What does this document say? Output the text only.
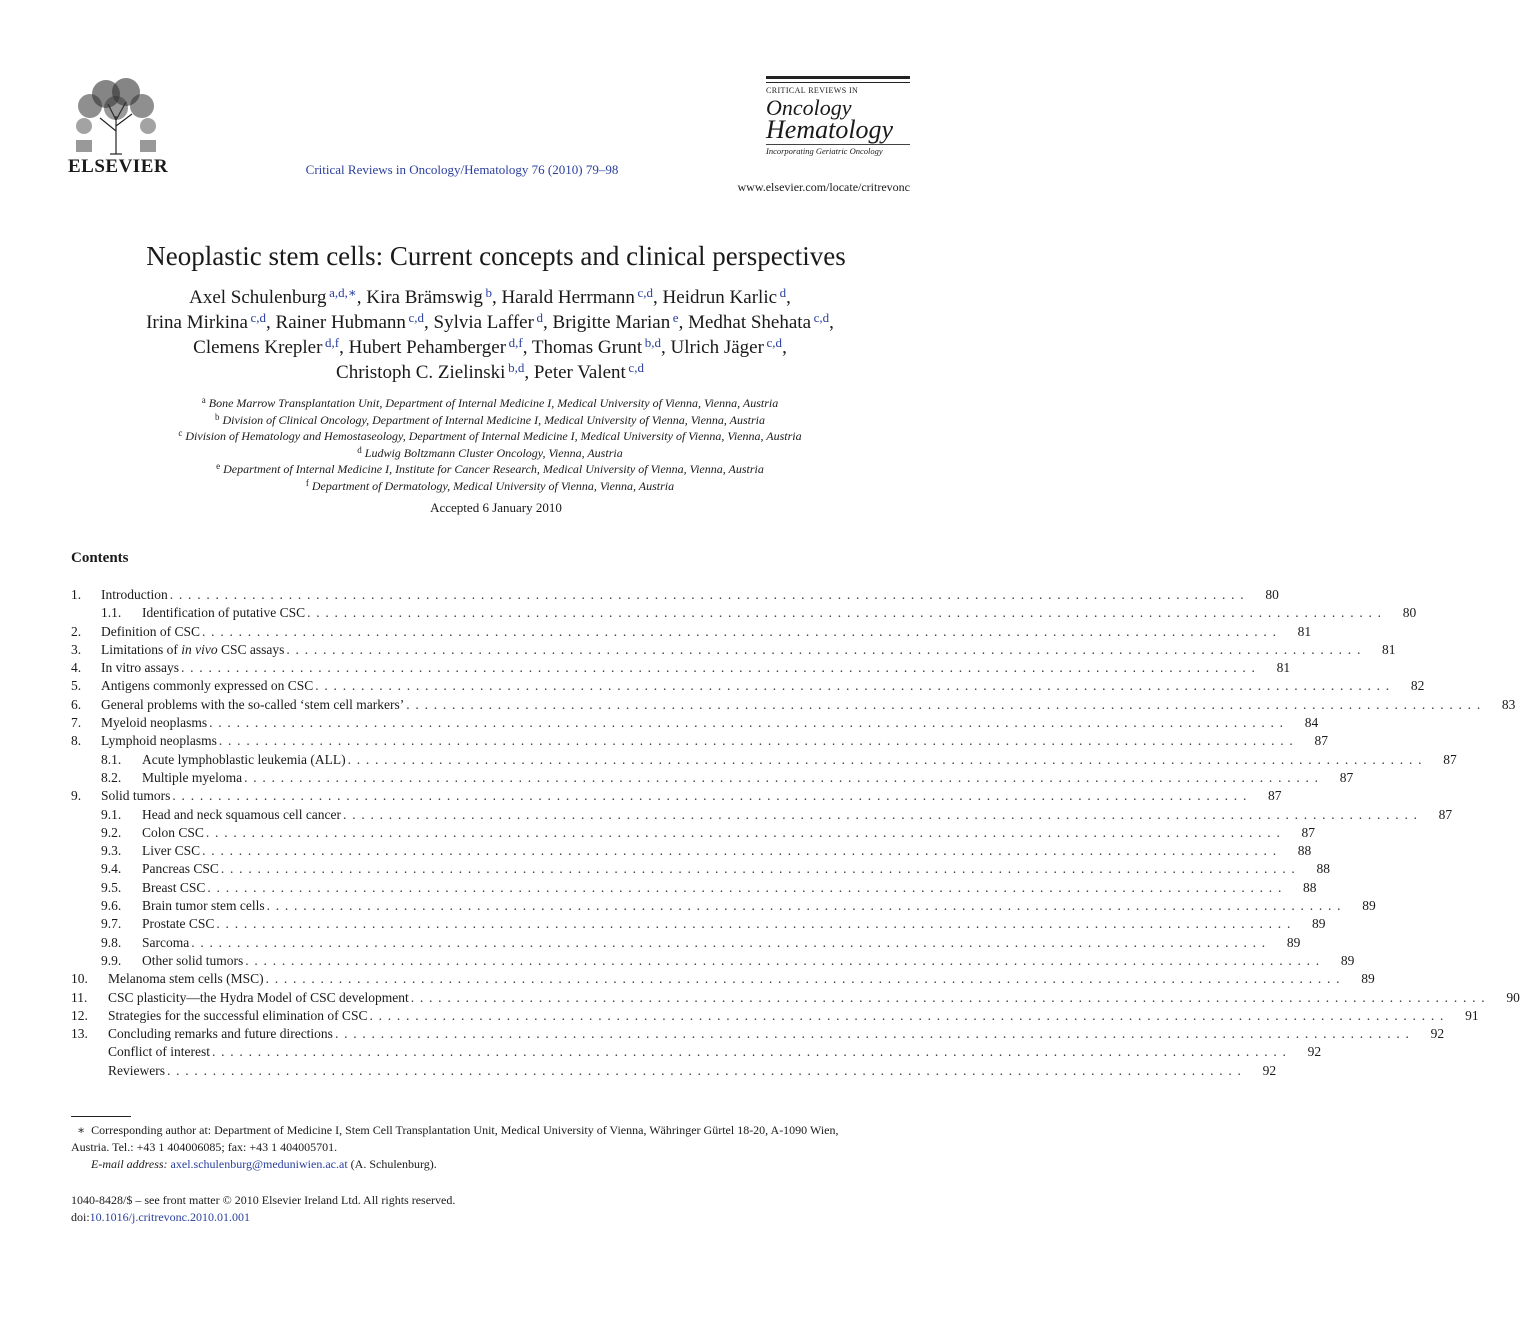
ELSEVIER	Critical Reviews in Oncology/Hematology 76 (2010) 79–98
CRITICAL REVIEWS IN
Oncology
Hematology
Incorporating Geriatric Oncology
www.elsevier.com/locate/critrevonc
Neoplastic stem cells: Current concepts and clinical perspectives
Axel Schulenburg $^{a,d,∗}$, Kira Brämswig $^b$, Harald Herrmann $^{c,d}$, Heidrun Karlic $^d$,
Irina Mirkina $^{c,d}$, Rainer Hubmann $^{c,d}$, Sylvia Laffer $^d$, Brigitte Marian $^e$, Medhat Shehata $^{c,d}$,
Clemens Krepler $^{d,f}$, Hubert Pehamberger $^{d,f}$, Thomas Grunt $^{b,d}$, Ulrich Jäger $^{c,d}$,
Christoph C. Zielinski $^{b,d}$, Peter Valent $^{c,d}$
$^a$ Bone Marrow Transplantation Unit, Department of Internal Medicine I, Medical University of Vienna, Vienna, Austria
$^b$ Division of Clinical Oncology, Department of Internal Medicine I, Medical University of Vienna, Vienna, Austria
$^c$ Division of Hematology and Hemostaseology, Department of Internal Medicine I, Medical University of Vienna, Vienna, Austria
$^d$ Ludwig Boltzmann Cluster Oncology, Vienna, Austria
$^e$ Department of Internal Medicine I, Institute for Cancer Research, Medical University of Vienna, Vienna, Austria
$^f$ Department of Dermatology, Medical University of Vienna, Vienna, Austria
Accepted 6 January 2010
Contents
1. Introduction . . . . . . . . . . . . . . . . . . . . . . . . . . . . . . . . . . . . . . . . . . . . . . . . . . . . . . . . . . . . . . . . . . . . . . . . . . . . . . . . . . . . . . . . . . . . . . . . . . . . . . . . . . . . . . . . . . . . . .	80
1.1. Identification of putative CSC . . . . . . . . . . . . . . . . . . . . . . . . . . . . . . . . . . . . . . . . . . . . . . . . . . . . . . . . . . . . . . . . . . . . . . . . . . . . . . . . . . . . . . . . . . . . . . . . . . . . . . . . . . . . . . . . . . . . . .	80
2. Definition of CSC . . . . . . . . . . . . . . . . . . . . . . . . . . . . . . . . . . . . . . . . . . . . . . . . . . . . . . . . . . . . . . . . . . . . . . . . . . . . . . . . . . . . . . . . . . . . . . . . . . . . . . . . . . . . . . . . . . . . . .	81
3. Limitations of in vivo CSC assays . . . . . . . . . . . . . . . . . . . . . . . . . . . . . . . . . . . . . . . . . . . . . . . . . . . . . . . . . . . . . . . . . . . . . . . . . . . . . . . . . . . . . . . . . . . . . . . . . . . . . . . . . . . . . . . . . . . . . .	81
4. In vitro assays . . . . . . . . . . . . . . . . . . . . . . . . . . . . . . . . . . . . . . . . . . . . . . . . . . . . . . . . . . . . . . . . . . . . . . . . . . . . . . . . . . . . . . . . . . . . . . . . . . . . . . . . . . . . . . . . . . . . . .	81
5. Antigens commonly expressed on CSC . . . . . . . . . . . . . . . . . . . . . . . . . . . . . . . . . . . . . . . . . . . . . . . . . . . . . . . . . . . . . . . . . . . . . . . . . . . . . . . . . . . . . . . . . . . . . . . . . . . . . . . . . . . . . . . . . . . . . .	82
6. General problems with the so-called ‘stem cell markers’ . . . . . . . . . . . . . . . . . . . . . . . . . . . . . . . . . . . . . . . . . . . . . . . . . . . . . . . . . . . . . . . . . . . . . . . . . . . . . . . . . . . . . . . . . . . . . . . . . . . . . . . . . . . . . . . . . . . . . .	83
7. Myeloid neoplasms . . . . . . . . . . . . . . . . . . . . . . . . . . . . . . . . . . . . . . . . . . . . . . . . . . . . . . . . . . . . . . . . . . . . . . . . . . . . . . . . . . . . . . . . . . . . . . . . . . . . . . . . . . . . . . . . . . . . . .	84
8. Lymphoid neoplasms . . . . . . . . . . . . . . . . . . . . . . . . . . . . . . . . . . . . . . . . . . . . . . . . . . . . . . . . . . . . . . . . . . . . . . . . . . . . . . . . . . . . . . . . . . . . . . . . . . . . . . . . . . . . . . . . . . . . . .	87
8.1. Acute lymphoblastic leukemia (ALL) . . . . . . . . . . . . . . . . . . . . . . . . . . . . . . . . . . . . . . . . . . . . . . . . . . . . . . . . . . . . . . . . . . . . . . . . . . . . . . . . . . . . . . . . . . . . . . . . . . . . . . . . . . . . . . . . . . . . . .	87
8.2. Multiple myeloma . . . . . . . . . . . . . . . . . . . . . . . . . . . . . . . . . . . . . . . . . . . . . . . . . . . . . . . . . . . . . . . . . . . . . . . . . . . . . . . . . . . . . . . . . . . . . . . . . . . . . . . . . . . . . . . . . . . . . .	87
9. Solid tumors . . . . . . . . . . . . . . . . . . . . . . . . . . . . . . . . . . . . . . . . . . . . . . . . . . . . . . . . . . . . . . . . . . . . . . . . . . . . . . . . . . . . . . . . . . . . . . . . . . . . . . . . . . . . . . . . . . . . . .	87
9.1. Head and neck squamous cell cancer . . . . . . . . . . . . . . . . . . . . . . . . . . . . . . . . . . . . . . . . . . . . . . . . . . . . . . . . . . . . . . . . . . . . . . . . . . . . . . . . . . . . . . . . . . . . . . . . . . . . . . . . . . . . . . . . . . . . . .	87
9.2. Colon CSC . . . . . . . . . . . . . . . . . . . . . . . . . . . . . . . . . . . . . . . . . . . . . . . . . . . . . . . . . . . . . . . . . . . . . . . . . . . . . . . . . . . . . . . . . . . . . . . . . . . . . . . . . . . . . . . . . . . . . .	87
9.3. Liver CSC . . . . . . . . . . . . . . . . . . . . . . . . . . . . . . . . . . . . . . . . . . . . . . . . . . . . . . . . . . . . . . . . . . . . . . . . . . . . . . . . . . . . . . . . . . . . . . . . . . . . . . . . . . . . . . . . . . . . . .	88
9.4. Pancreas CSC . . . . . . . . . . . . . . . . . . . . . . . . . . . . . . . . . . . . . . . . . . . . . . . . . . . . . . . . . . . . . . . . . . . . . . . . . . . . . . . . . . . . . . . . . . . . . . . . . . . . . . . . . . . . . . . . . . . . . .	88
9.5. Breast CSC . . . . . . . . . . . . . . . . . . . . . . . . . . . . . . . . . . . . . . . . . . . . . . . . . . . . . . . . . . . . . . . . . . . . . . . . . . . . . . . . . . . . . . . . . . . . . . . . . . . . . . . . . . . . . . . . . . . . . .	88
9.6. Brain tumor stem cells . . . . . . . . . . . . . . . . . . . . . . . . . . . . . . . . . . . . . . . . . . . . . . . . . . . . . . . . . . . . . . . . . . . . . . . . . . . . . . . . . . . . . . . . . . . . . . . . . . . . . . . . . . . . . . . . . . . . . .	89
9.7. Prostate CSC . . . . . . . . . . . . . . . . . . . . . . . . . . . . . . . . . . . . . . . . . . . . . . . . . . . . . . . . . . . . . . . . . . . . . . . . . . . . . . . . . . . . . . . . . . . . . . . . . . . . . . . . . . . . . . . . . . . . . .	89
9.8. Sarcoma . . . . . . . . . . . . . . . . . . . . . . . . . . . . . . . . . . . . . . . . . . . . . . . . . . . . . . . . . . . . . . . . . . . . . . . . . . . . . . . . . . . . . . . . . . . . . . . . . . . . . . . . . . . . . . . . . . . . . .	89
9.9. Other solid tumors . . . . . . . . . . . . . . . . . . . . . . . . . . . . . . . . . . . . . . . . . . . . . . . . . . . . . . . . . . . . . . . . . . . . . . . . . . . . . . . . . . . . . . . . . . . . . . . . . . . . . . . . . . . . . . . . . . . . . .	89
10. Melanoma stem cells (MSC) . . . . . . . . . . . . . . . . . . . . . . . . . . . . . . . . . . . . . . . . . . . . . . . . . . . . . . . . . . . . . . . . . . . . . . . . . . . . . . . . . . . . . . . . . . . . . . . . . . . . . . . . . . . . . . . . . . . . . .	89
11. CSC plasticity—the Hydra Model of CSC development . . . . . . . . . . . . . . . . . . . . . . . . . . . . . . . . . . . . . . . . . . . . . . . . . . . . . . . . . . . . . . . . . . . . . . . . . . . . . . . . . . . . . . . . . . . . . . . . . . . . . . . . . . . . . . . . . . . . . .	90
12. Strategies for the successful elimination of CSC . . . . . . . . . . . . . . . . . . . . . . . . . . . . . . . . . . . . . . . . . . . . . . . . . . . . . . . . . . . . . . . . . . . . . . . . . . . . . . . . . . . . . . . . . . . . . . . . . . . . . . . . . . . . . . . . . . . . . .	91
13. Concluding remarks and future directions . . . . . . . . . . . . . . . . . . . . . . . . . . . . . . . . . . . . . . . . . . . . . . . . . . . . . . . . . . . . . . . . . . . . . . . . . . . . . . . . . . . . . . . . . . . . . . . . . . . . . . . . . . . . . . . . . . . . . .	92
Conflict of interest . . . . . . . . . . . . . . . . . . . . . . . . . . . . . . . . . . . . . . . . . . . . . . . . . . . . . . . . . . . . . . . . . . . . . . . . . . . . . . . . . . . . . . . . . . . . . . . . . . . . . . . . . . . . . . . . . . . . . .	92
Reviewers . . . . . . . . . . . . . . . . . . . . . . . . . . . . . . . . . . . . . . . . . . . . . . . . . . . . . . . . . . . . . . . . . . . . . . . . . . . . . . . . . . . . . . . . . . . . . . . . . . . . . . . . . . . . . . . . . . . . . .	92
∗ Corresponding author at: Department of Medicine I, Stem Cell Transplantation Unit, Medical University of Vienna, Währinger Gürtel 18-20, A-1090 Wien, Austria. Tel.: +43 1 404006085; fax: +43 1 404005701.
E-mail address: axel.schulenburg@meduniwien.ac.at (A. Schulenburg).
1040-8428/$ – see front matter © 2010 Elsevier Ireland Ltd. All rights reserved.
doi:10.1016/j.critrevonc.2010.01.001
